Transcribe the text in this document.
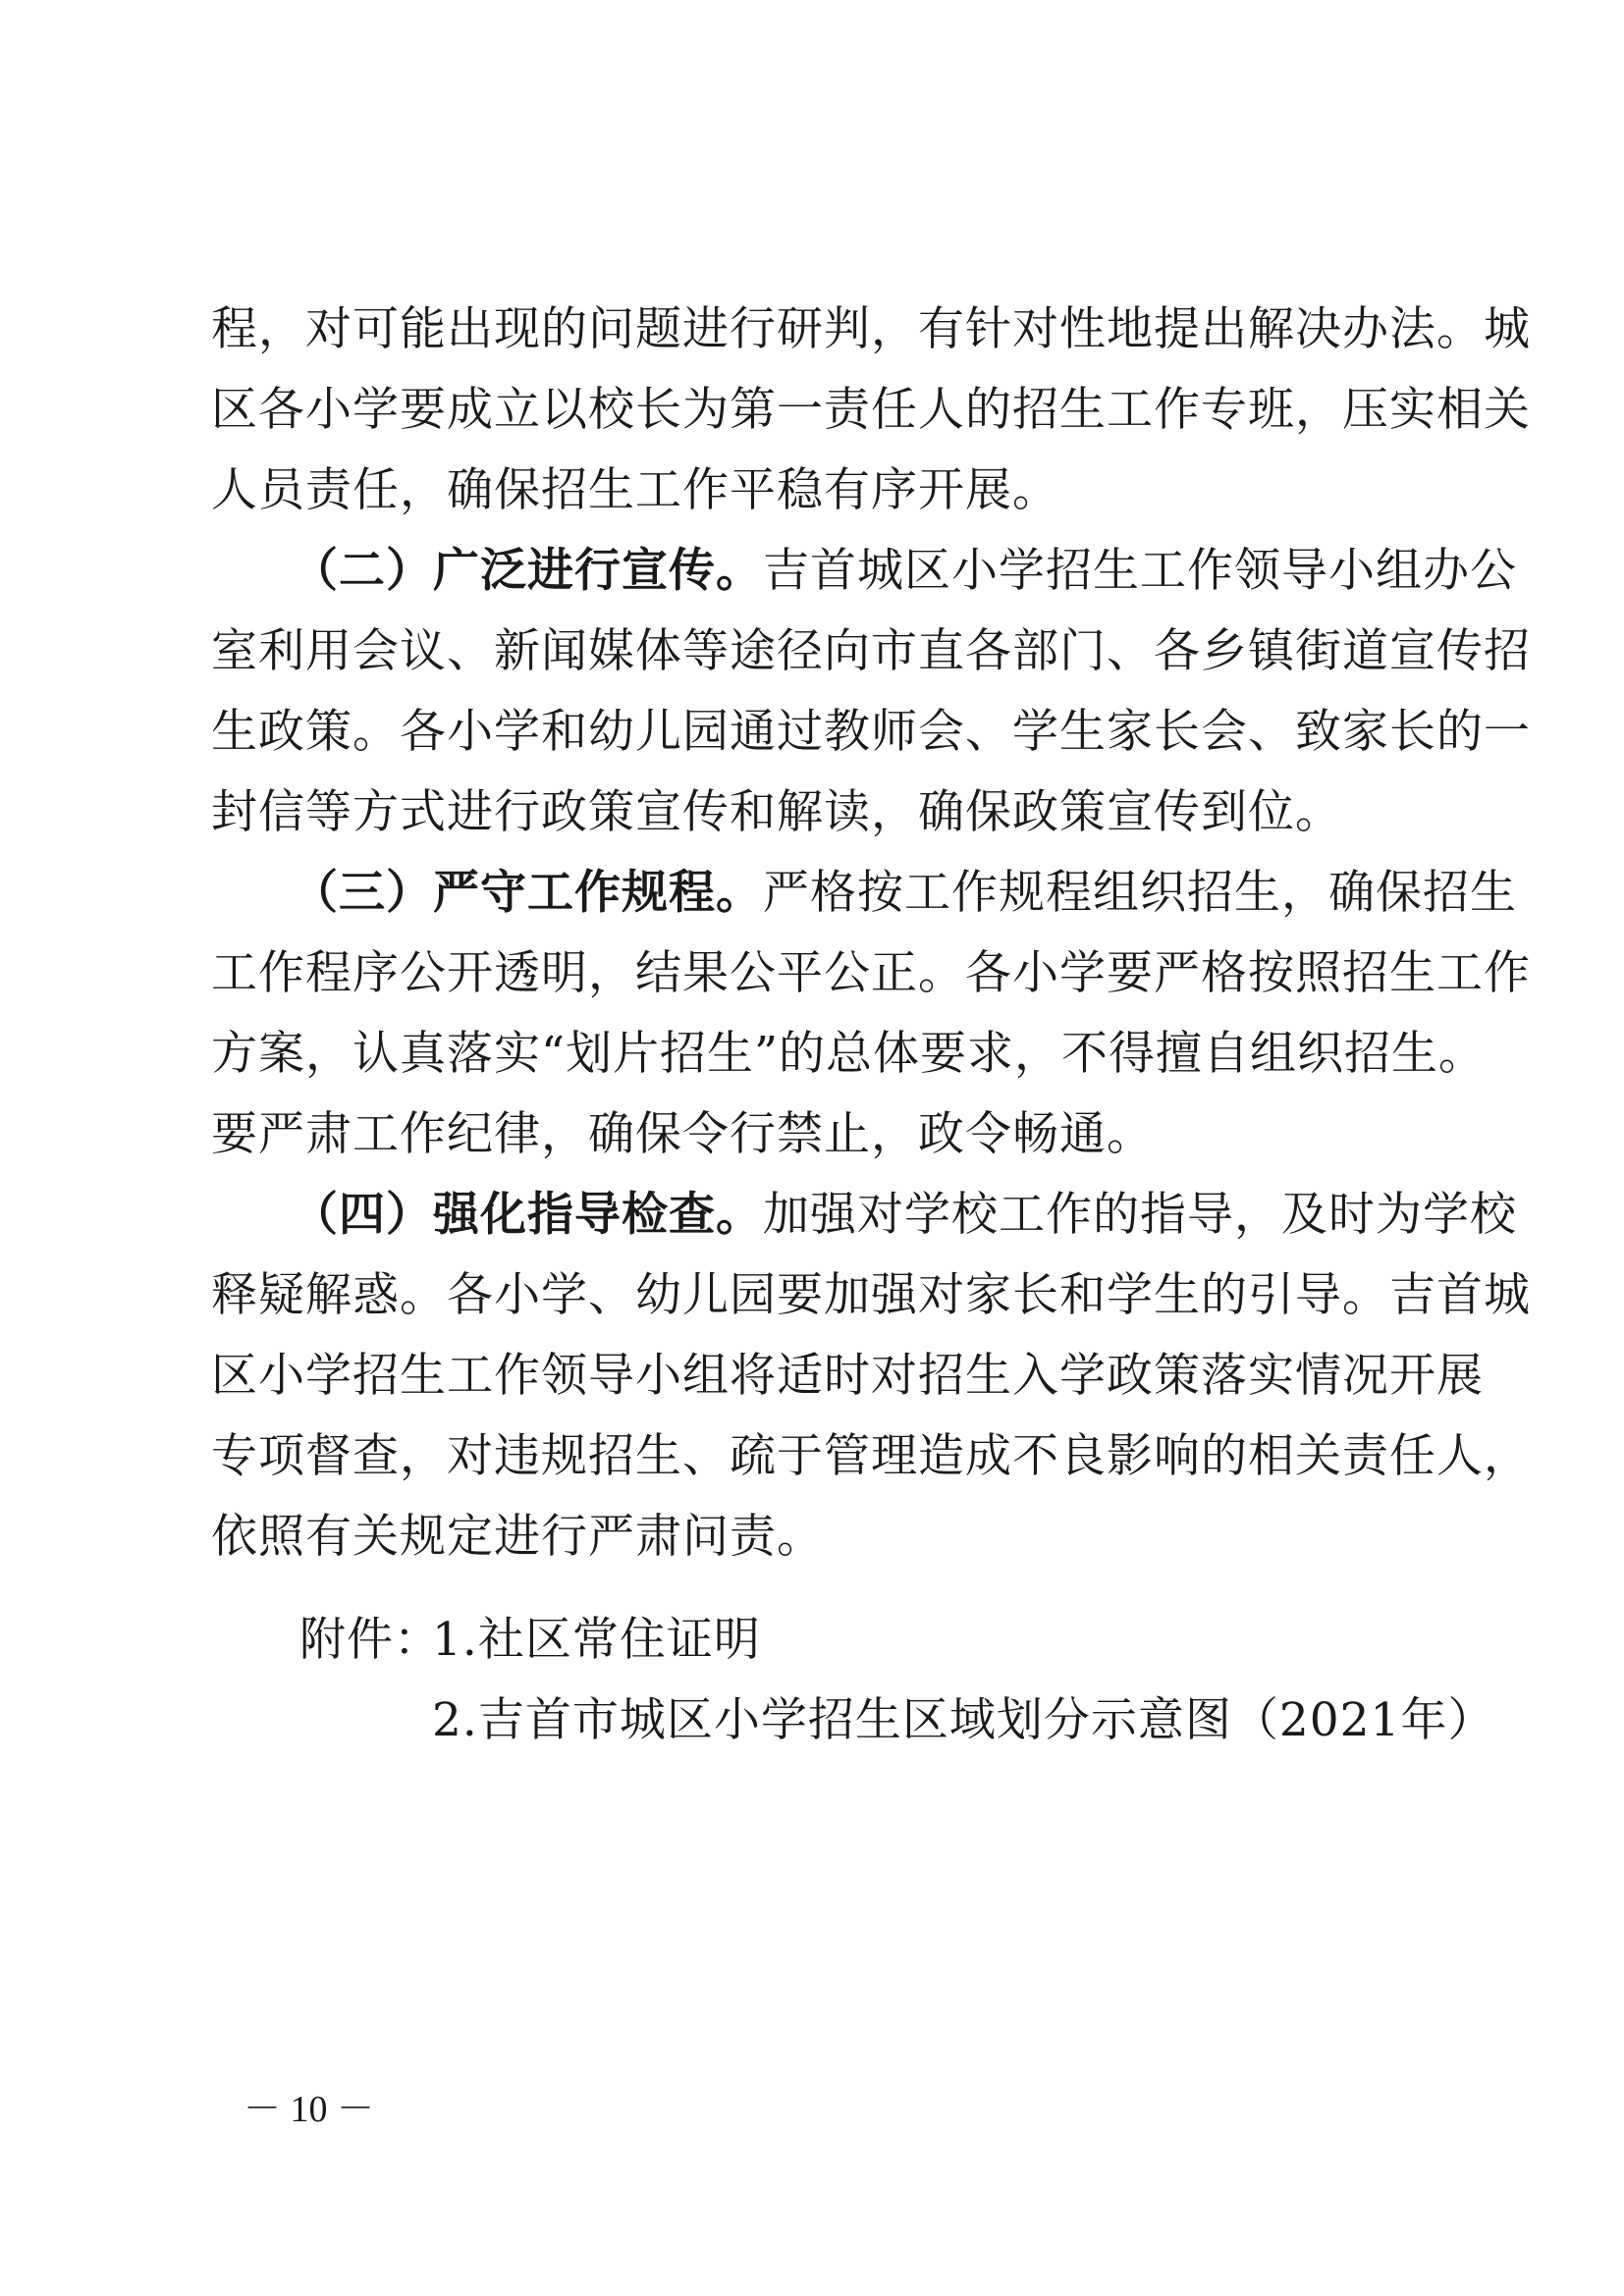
程，对可能出现的问题进行研判，有针对性地提出解决办法。城
区各小学要成立以校长为第一责任人的招生工作专班，压实相关
人员责任，确保招生工作平稳有序开展。
（二）广泛进行宣传。吉首城区小学招生工作领导小组办公
室利用会议、新闻媒体等途径向市直各部门、各乡镇街道宣传招
生政策。各小学和幼儿园通过教师会、学生家长会、致家长的一
封信等方式进行政策宣传和解读，确保政策宣传到位。
（三）严守工作规程。严格按工作规程组织招生，确保招生
工作程序公开透明，结果公平公正。各小学要严格按照招生工作
方案，认真落实“划片招生”的总体要求，不得擅自组织招生。
要严肃工作纪律，确保令行禁止，政令畅通。
（四）强化指导检查。加强对学校工作的指导，及时为学校
释疑解惑。各小学、幼儿园要加强对家长和学生的引导。吉首城
区小学招生工作领导小组将适时对招生入学政策落实情况开展
专项督查，对违规招生、疏于管理造成不良影响的相关责任人，
依照有关规定进行严肃问责。
附件：
1.社区常住证明
2.吉首市城区小学招生区域划分示意图（2021年）
－ 10 －
